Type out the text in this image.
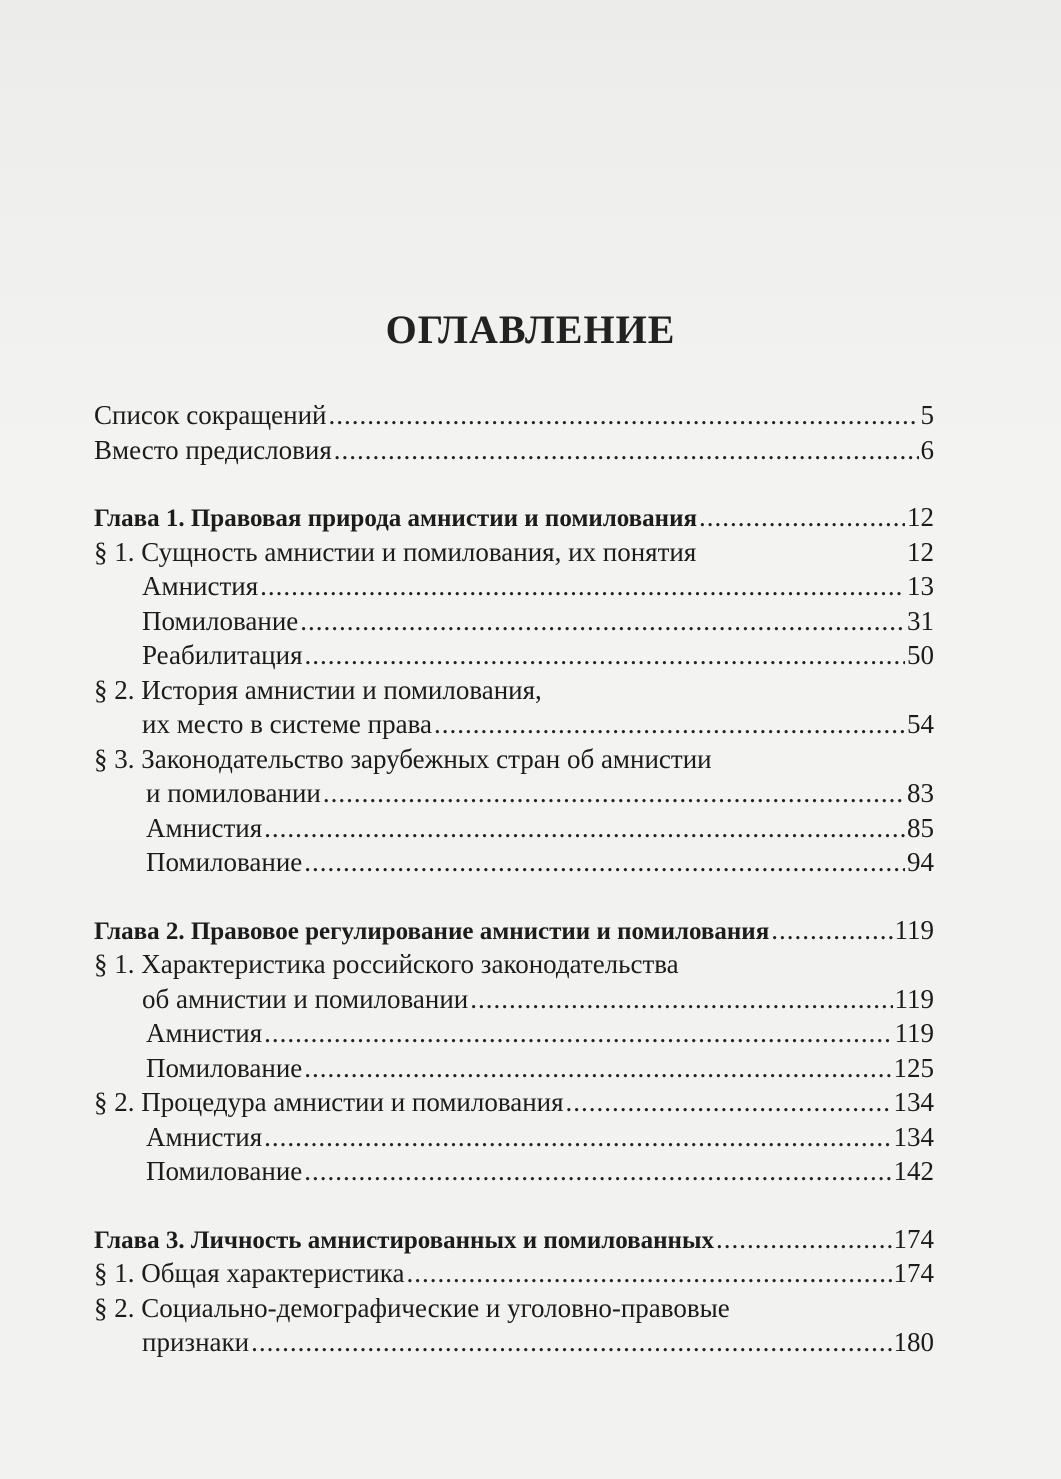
ОГЛАВЛЕНИЕ
Список сокращений .....	5
Вместо предисловия .....	6
Глава 1. Правовая природа амнистии и помилования .....	12
§ 1. Сущность амнистии и помилования, их понятия	12
Амнистия .....	13
Помилование .....	31
Реабилитация .....	50
§ 2. История амнистии и помилования,
их место в системе права .....	54
§ 3. Законодательство зарубежных стран об амнистии
и помиловании .....	83
Амнистия .....	85
Помилование .....	94
Глава 2. Правовое регулирование амнистии и помилования .....	119
§ 1. Характеристика российского законодательства
об амнистии и помиловании .....	119
Амнистия .....	119
Помилование .....	125
§ 2. Процедура амнистии и помилования .....	134
Амнистия .....	134
Помилование .....	142
Глава 3. Личность амнистированных и помилованных .....	174
§ 1. Общая характеристика .....	174
§ 2. Социально-демографические и уголовно-правовые
признаки .....	180
